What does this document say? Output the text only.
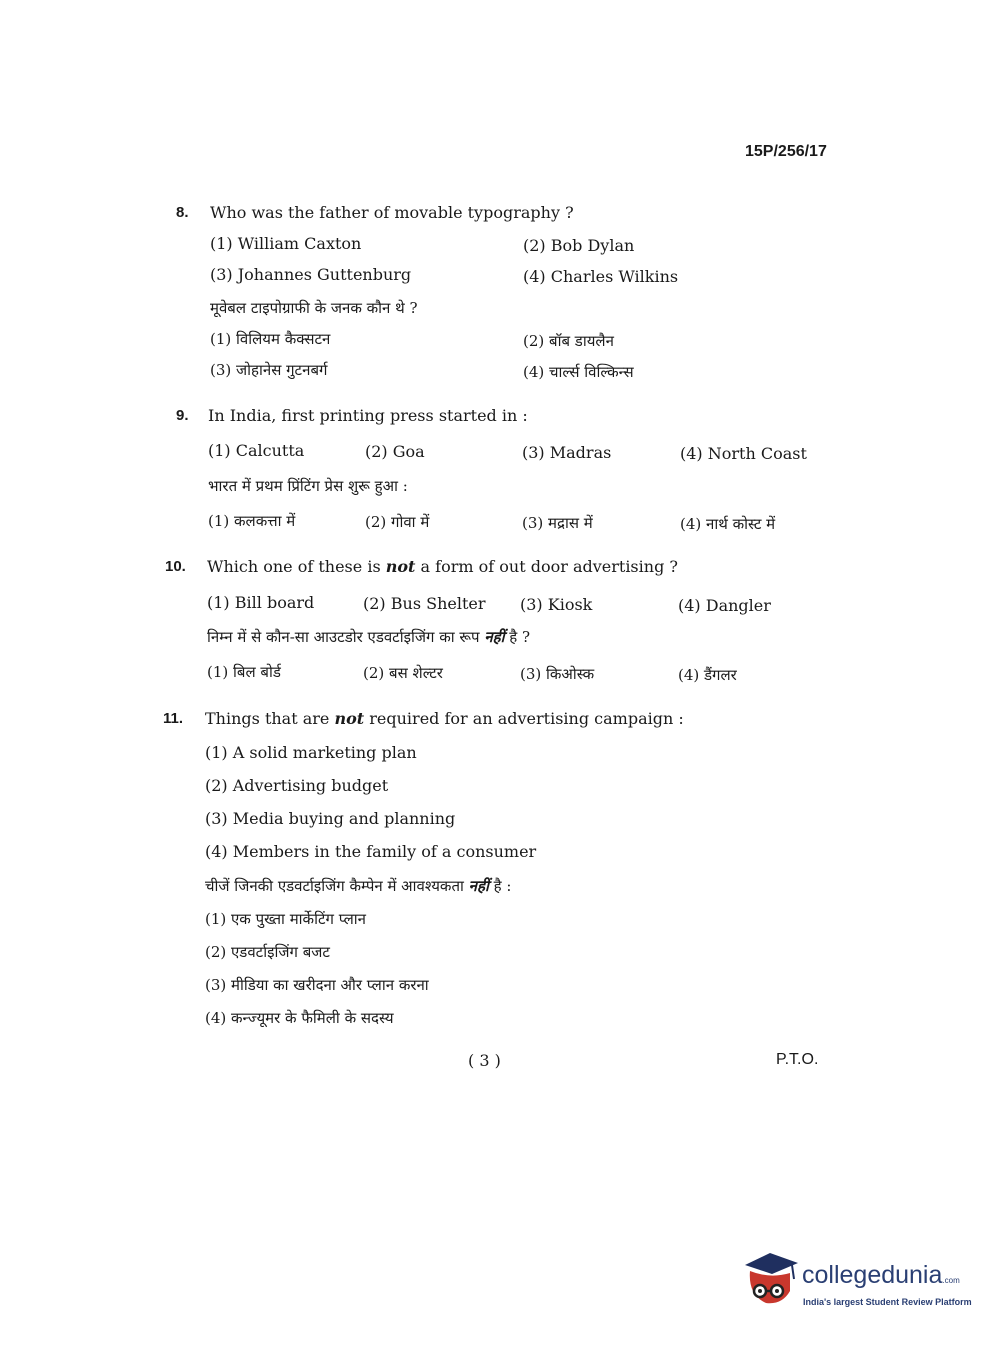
15P/256/17
8. Who was the father of movable typography ?
(1) William Caxton	(2) Bob Dylan
(3) Johannes Guttenburg	(4) Charles Wilkins
मूवेबल टाइपोग्राफी के जनक कौन थे ?
(1) विलियम कैक्सटन	(2) बॉब डायलैन
(3) जोहानेस गुटनबर्ग	(4) चार्ल्स विल्किन्स
9. In India, first printing press started in :
(1) Calcutta	(2) Goa	(3) Madras	(4) North Coast
भारत में प्रथम प्रिंटिंग प्रेस शुरू हुआ :
(1) कलकत्ता में	(2) गोवा में	(3) मद्रास में	(4) नार्थ कोस्ट में
10. Which one of these is not a form of out door advertising ?
(1) Bill board	(2) Bus Shelter (3) Kiosk	(4) Dangler
निम्न में से कौन-सा आउटडोर एडवर्टाइजिंग का रूप नहीं है ?
(1) बिल बोर्ड	(2) बस शेल्टर	(3) किओस्क	(4) डैंगलर
11. Things that are not required for an advertising campaign :
(1) A solid marketing plan
(2) Advertising budget
(3) Media buying and planning
(4) Members in the family of a consumer
चीजें जिनकी एडवर्टाइजिंग कैम्पेन में आवश्यकता नहीं है :
(1) एक पुख्ता मार्केटिंग प्लान
(2) एडवर्टाइजिंग बजट
(3) मीडिया का खरीदना और प्लान करना
(4) कन्ज्यूमर के फैमिली के सदस्य
( 3 )	P.T.O.
collegedunia.com
India's largest Student Review Platform
